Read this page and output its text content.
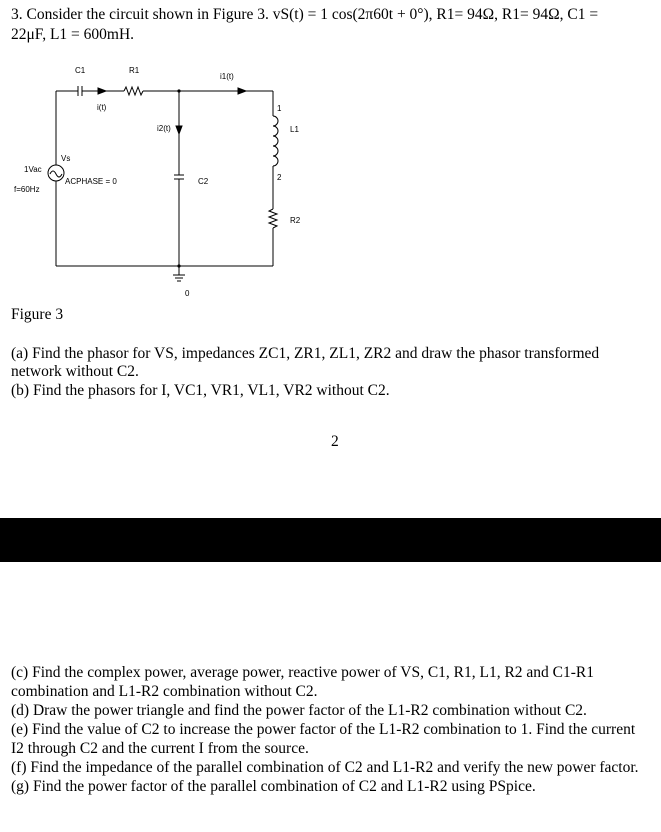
3. Consider the circuit shown in Figure 3. vS(t) = 1 cos(2π60t + 0°), R1= 94Ω, R1= 94Ω, C1 =
22μF, L1 = 600mH.
C1	R1
i1(t)
i(t)
i2(t)
1
L1
2
Vs
1Vac
ACPHASE = 0
f=60Hz
C2
R2
0
Figure 3
(a) Find the phasor for VS, impedances ZC1, ZR1, ZL1, ZR2 and draw the phasor transformed
network without C2.
(b) Find the phasors for I, VC1, VR1, VL1, VR2 without C2.
2

(c) Find the complex power, average power, reactive power of VS, C1, R1, L1, R2 and C1-R1 combination and L1-R2 combination without C2.

(d) Draw the power triangle and find the power factor of the L1-R2 combination without C2.

(e) Find the value of C2 to increase the power factor of the L1-R2 combination to 1. Find the current I2 through C2 and the current I from the source.

(f) Find the impedance of the parallel combination of C2 and L1-R2 and verify the new power factor.

(g) Find the power factor of the parallel combination of C2 and L1-R2 using PSpice.
